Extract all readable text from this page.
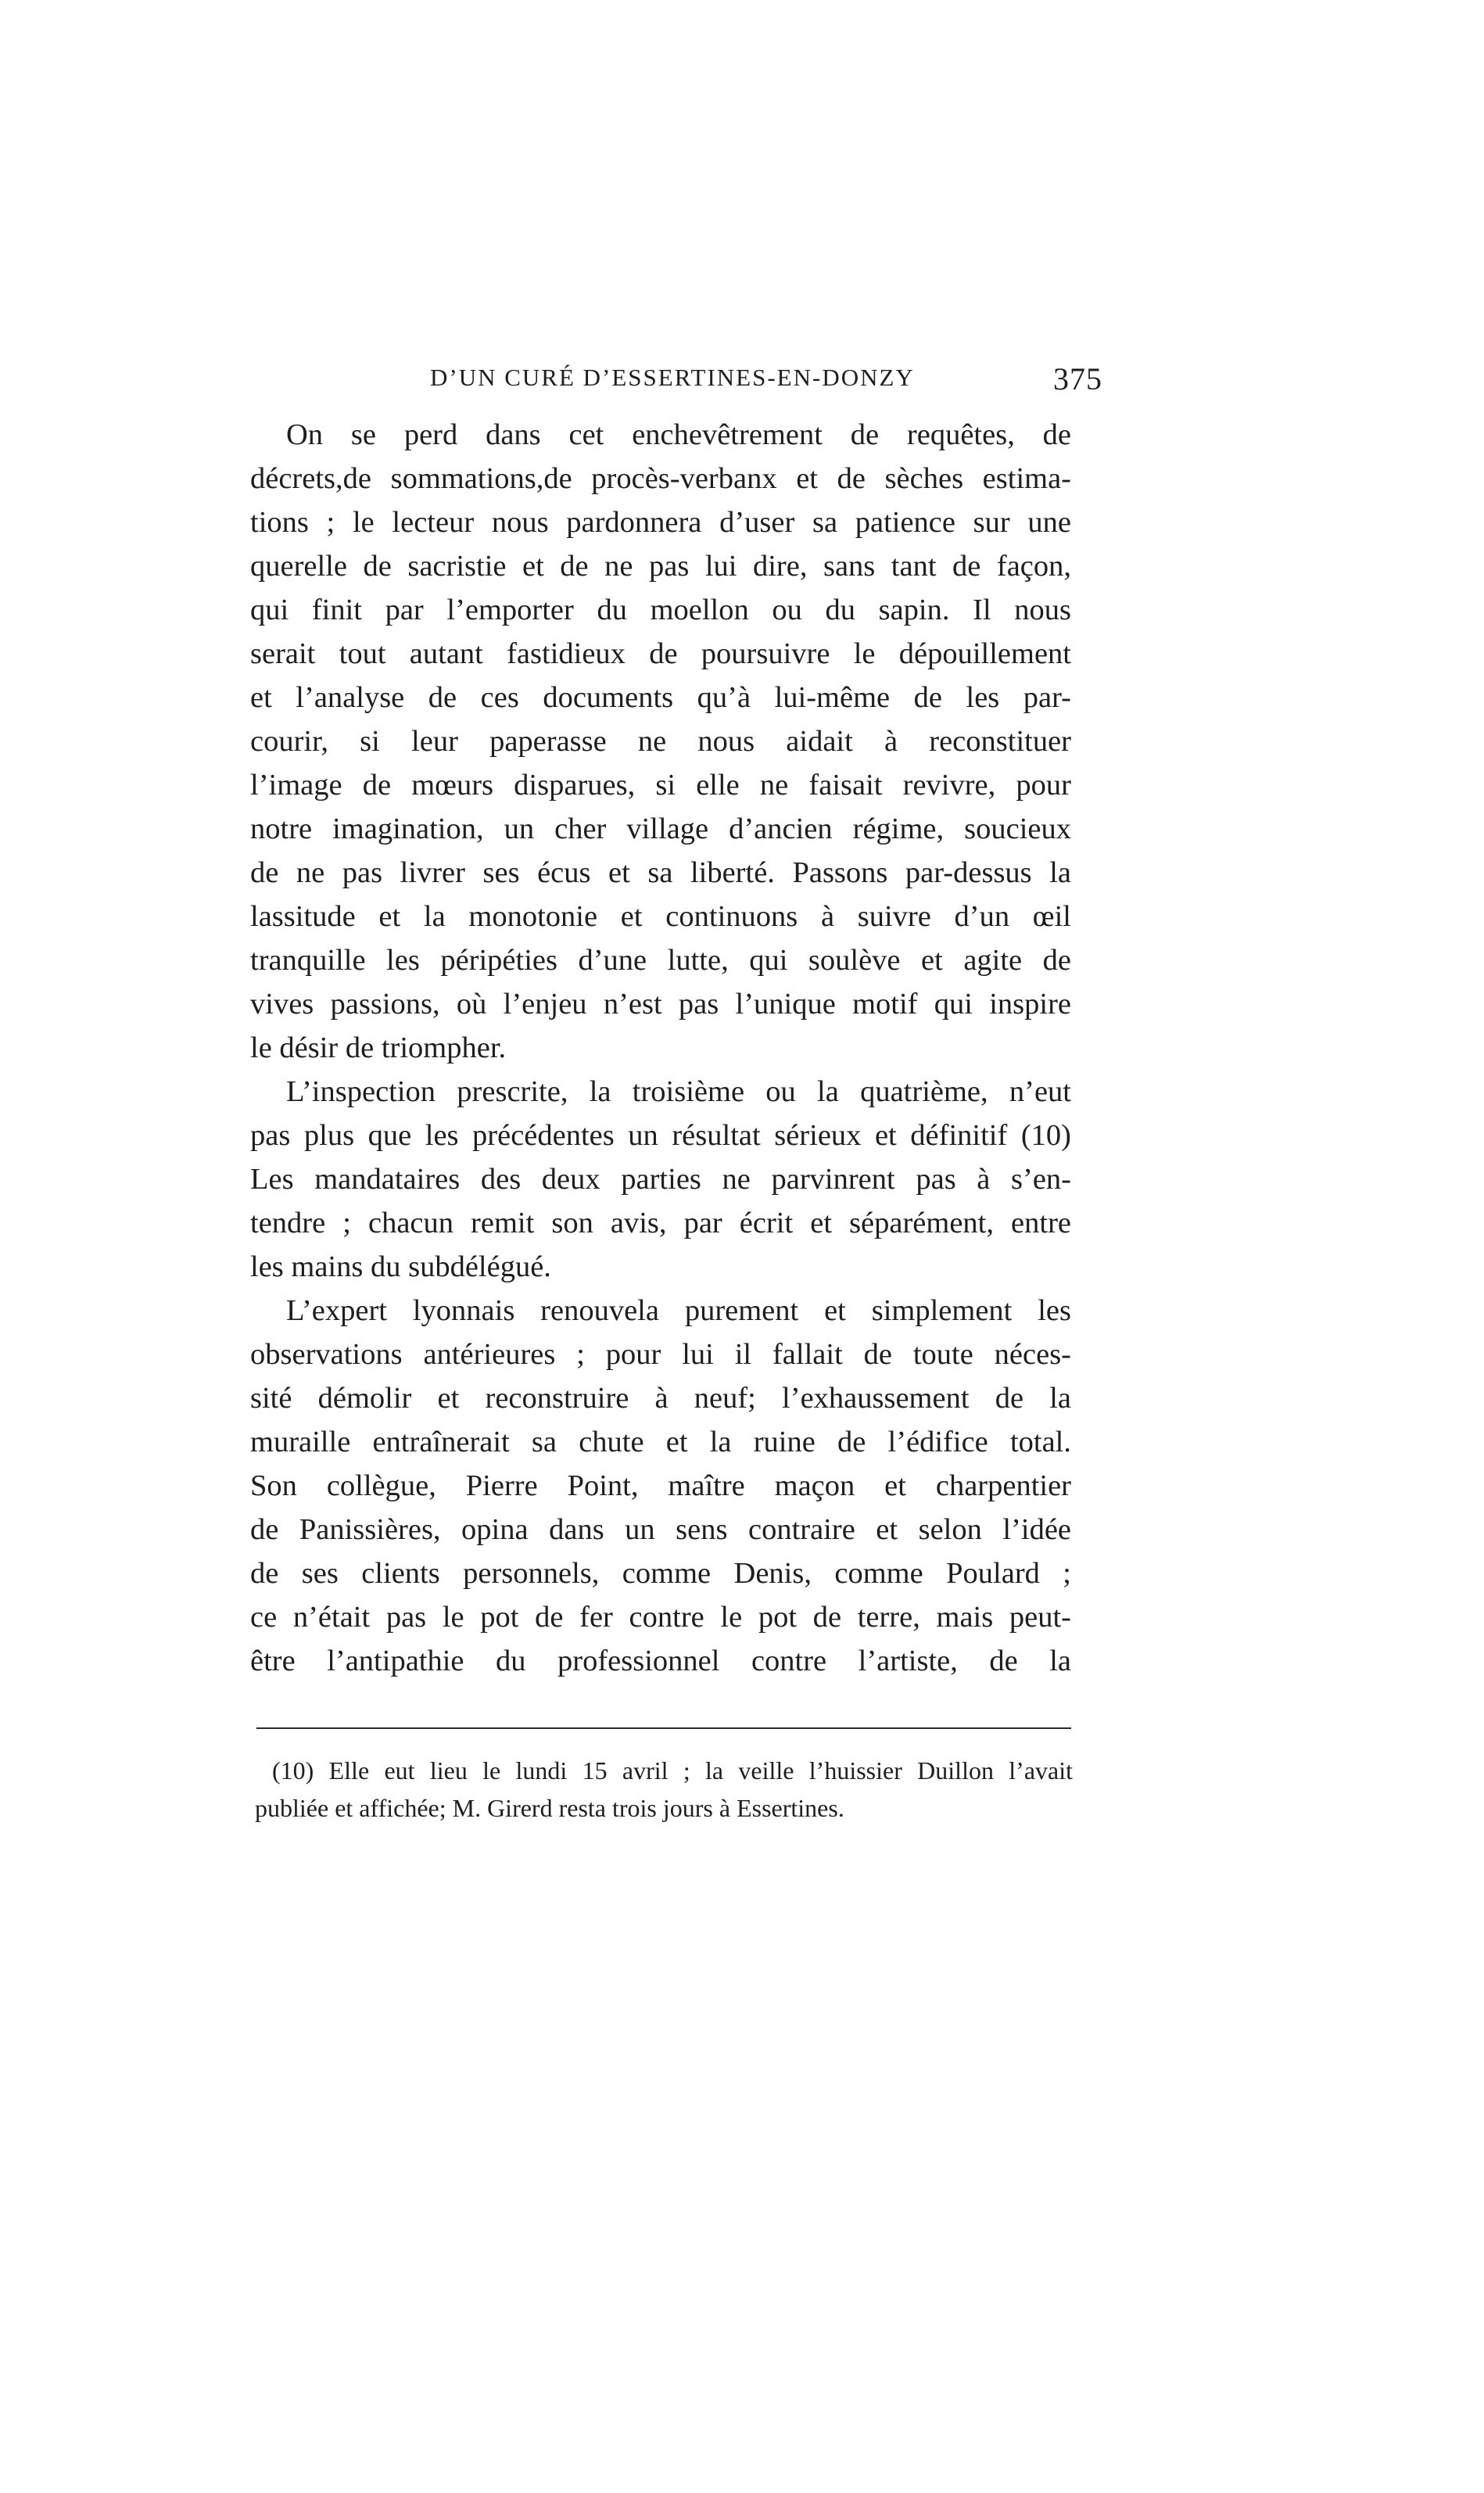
D’UN CURÉ D’ESSERTINES-EN-DONZY	375
On se perd dans cet enchevêtrement de requêtes, de
décrets,de sommations,de procès-verbanx et de sèches estima-
tions ; le lecteur nous pardonnera d’user sa patience sur une
querelle de sacristie et de ne pas lui dire, sans tant de façon,
qui finit par l’emporter du moellon ou du sapin. Il nous
serait tout autant fastidieux de poursuivre le dépouillement
et l’analyse de ces documents qu’à lui-même de les par-
courir, si leur paperasse ne nous aidait à reconstituer
l’image de mœurs disparues, si elle ne faisait revivre, pour
notre imagination, un cher village d’ancien régime, soucieux
de ne pas livrer ses écus et sa liberté. Passons par-dessus la
lassitude et la monotonie et continuons à suivre d’un œil
tranquille les péripéties d’une lutte, qui soulève et agite de
vives passions, où l’enjeu n’est pas l’unique motif qui inspire
le désir de triompher.
L’inspection prescrite, la troisième ou la quatrième, n’eut
pas plus que les précédentes un résultat sérieux et définitif (10)
Les mandataires des deux parties ne parvinrent pas à s’en-
tendre ; chacun remit son avis, par écrit et séparément, entre
les mains du subdélégué.
L’expert lyonnais renouvela purement et simplement les
observations antérieures ; pour lui il fallait de toute néces-
sité démolir et reconstruire à neuf; l’exhaussement de la
muraille entraînerait sa chute et la ruine de l’édifice total.
Son collègue, Pierre Point, maître maçon et charpentier
de Panissières, opina dans un sens contraire et selon l’idée
de ses clients personnels, comme Denis, comme Poulard ;
ce n’était pas le pot de fer contre le pot de terre, mais peut-
être l’antipathie du professionnel contre l’artiste, de la
(10) Elle eut lieu le lundi 15 avril ; la veille l’huissier Duillon l’avait
publiée et affichée; M. Girerd resta trois jours à Essertines.
